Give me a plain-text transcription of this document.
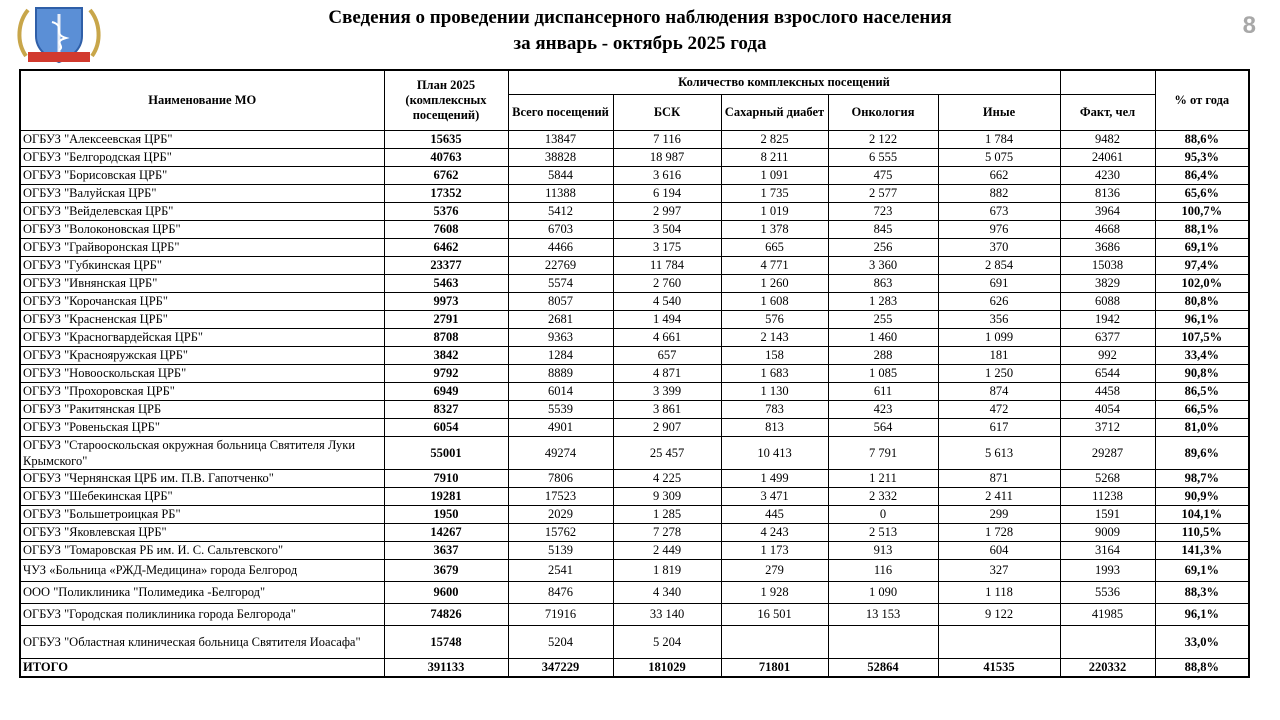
Сведения о проведении диспансерного наблюдения взрослого населения
за январь - октябрь 2025 года
8
Наименование МО	План 2025 (комплексных посещений)	Количество комплексных посещений						% от года
		Всего посещений	БСК	Сахарный диабет	Онкология	Иные	Факт, чел	
ОГБУЗ "Алексеевская ЦРБ"	15635	13847	7 116	2 825	2 122	1 784	9482	88,6%
ОГБУЗ "Белгородская ЦРБ"	40763	38828	18 987	8 211	6 555	5 075	24061	95,3%
ОГБУЗ "Борисовская ЦРБ"	6762	5844	3 616	1 091	475	662	4230	86,4%
ОГБУЗ "Валуйская ЦРБ"	17352	11388	6 194	1 735	2 577	882	8136	65,6%
ОГБУЗ "Вейделевская ЦРБ"	5376	5412	2 997	1 019	723	673	3964	100,7%
ОГБУЗ "Волоконовская ЦРБ"	7608	6703	3 504	1 378	845	976	4668	88,1%
ОГБУЗ "Грайворонская ЦРБ"	6462	4466	3 175	665	256	370	3686	69,1%
ОГБУЗ "Губкинская ЦРБ"	23377	22769	11 784	4 771	3 360	2 854	15038	97,4%
ОГБУЗ "Ивнянская ЦРБ"	5463	5574	2 760	1 260	863	691	3829	102,0%
ОГБУЗ "Корочанская ЦРБ"	9973	8057	4 540	1 608	1 283	626	6088	80,8%
ОГБУЗ "Красненская ЦРБ"	2791	2681	1 494	576	255	356	1942	96,1%
ОГБУЗ "Красногвардейская ЦРБ"	8708	9363	4 661	2 143	1 460	1 099	6377	107,5%
ОГБУЗ "Краснояружская ЦРБ"	3842	1284	657	158	288	181	992	33,4%
ОГБУЗ "Новооскольская ЦРБ"	9792	8889	4 871	1 683	1 085	1 250	6544	90,8%
ОГБУЗ "Прохоровская ЦРБ"	6949	6014	3 399	1 130	611	874	4458	86,5%
ОГБУЗ "Ракитянская ЦРБ	8327	5539	3 861	783	423	472	4054	66,5%
ОГБУЗ "Ровеньская ЦРБ"	6054	4901	2 907	813	564	617	3712	81,0%
ОГБУЗ "Старооскольская окружная больница Святителя Луки Крымского"	55001	49274	25 457	10 413	7 791	5 613	29287	89,6%
ОГБУЗ "Чернянская ЦРБ им. П.В. Гапотченко"	7910	7806	4 225	1 499	1 211	871	5268	98,7%
ОГБУЗ "Шебекинская ЦРБ"	19281	17523	9 309	3 471	2 332	2 411	11238	90,9%
ОГБУЗ "Большетроицкая РБ"	1950	2029	1 285	445	0	299	1591	104,1%
ОГБУЗ "Яковлевская ЦРБ"	14267	15762	7 278	4 243	2 513	1 728	9009	110,5%
ОГБУЗ "Томаровская РБ им. И. С. Сальтевского"	3637	5139	2 449	1 173	913	604	3164	141,3%
ЧУЗ «Больница «РЖД-Медицина» города Белгород	3679	2541	1 819	279	116	327	1993	69,1%
ООО "Поликлиника "Полимедика -Белгород"	9600	8476	4 340	1 928	1 090	1 118	5536	88,3%
ОГБУЗ "Городская поликлиника города Белгорода"	74826	71916	33 140	16 501	13 153	9 122	41985	96,1%
ОГБУЗ "Областная клиническая больница Святителя Иоасафа"	15748	5204	5 204					33,0%
ИТОГО	391133	347229	181029	71801	52864	41535	220332	88,8%
